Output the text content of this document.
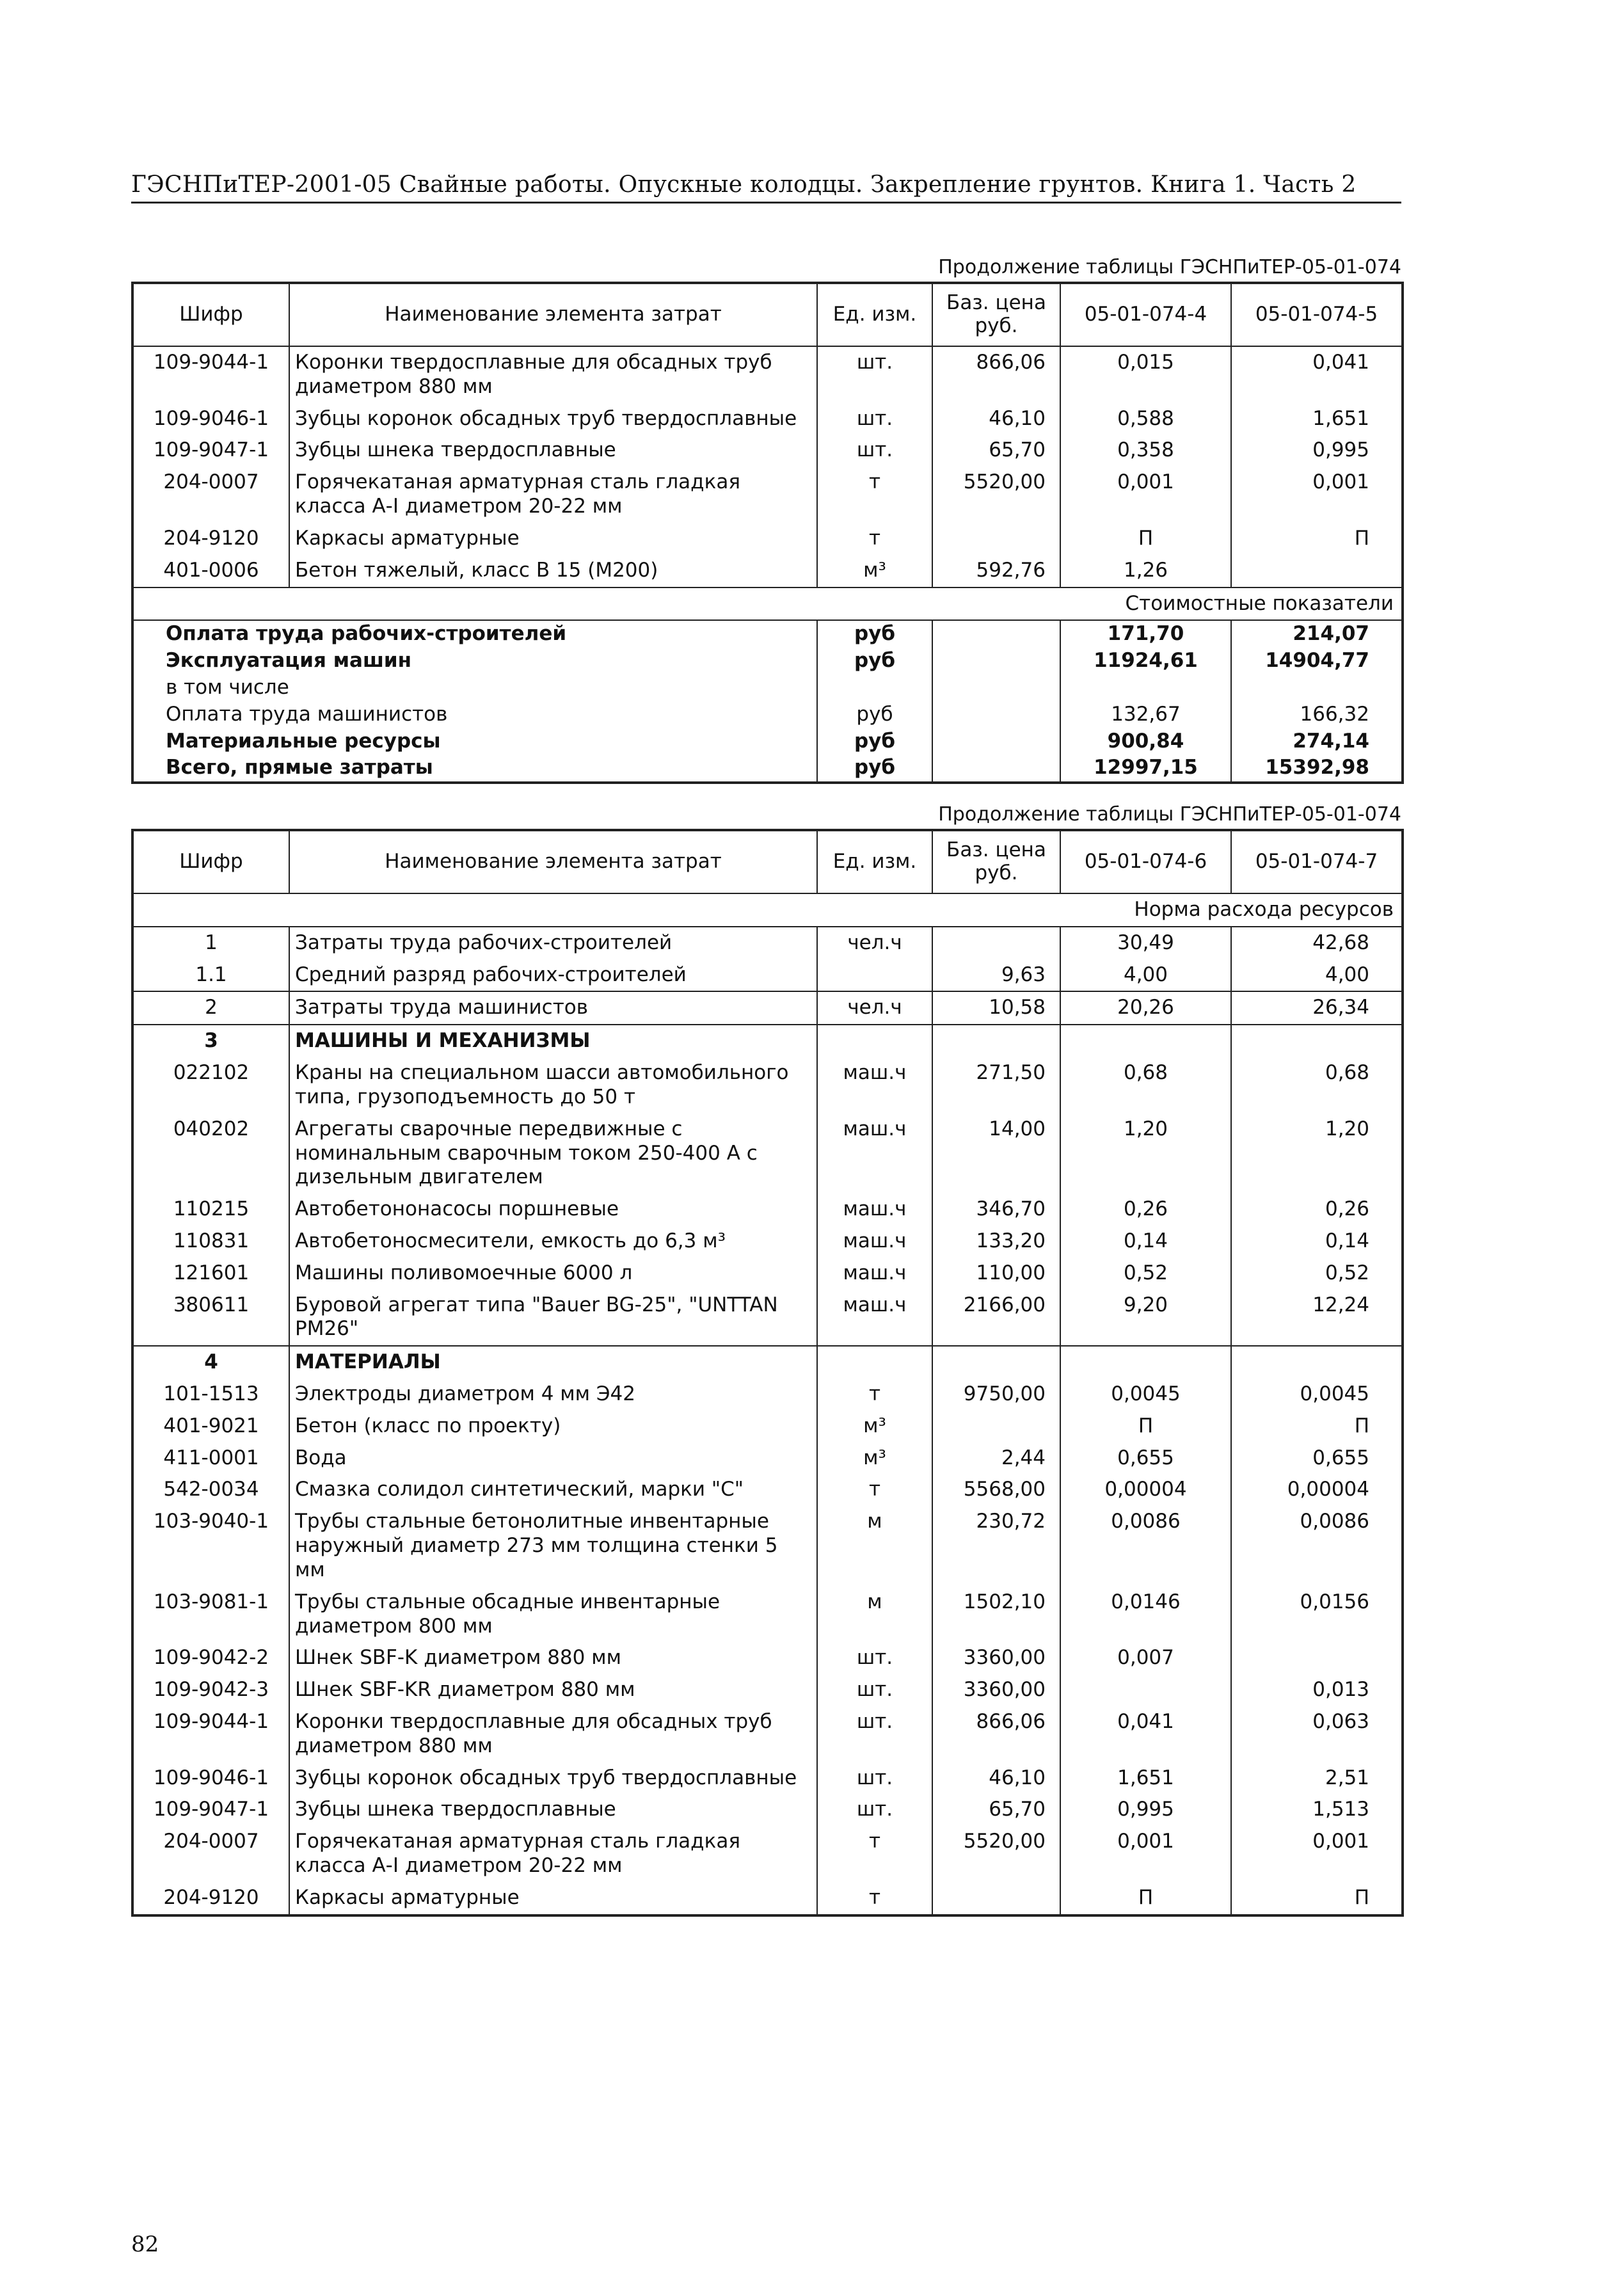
ГЭСНПиТЕР-2001-05 Свайные работы. Опускные колодцы. Закрепление грунтов. Книга 1. Часть 2
Продолжение таблицы ГЭСНПиТЕР-05-01-074
Шифр	Наименование элемента затрат	Ед. изм.	Баз. цена руб.	05-01-074-4	05-01-074-5
109-9044-1	Коронки твердосплавные для обсадных труб диаметром 880 мм	шт.	866,06	0,015	0,041
109-9046-1	Зубцы коронок обсадных труб твердосплавные	шт.	46,10	0,588	1,651
109-9047-1	Зубцы шнека твердосплавные	шт.	65,70	0,358	0,995
204-0007	Горячекатаная арматурная сталь гладкая класса А-I диаметром 20-22 мм	т	5520,00	0,001	0,001
204-9120	Каркасы арматурные	т		П	П
401-0006	Бетон тяжелый, класс В 15 (М200)	м³	592,76	1,26	
Стоимостные показатели					
Оплата труда рабочих-строителей		руб		171,70	214,07
Эксплуатация машин		руб		11924,61	14904,77
в том числе					
Оплата труда машинистов		руб		132,67	166,32
Материальные ресурсы		руб		900,84	274,14
Всего, прямые затраты		руб		12997,15	15392,98
Продолжение таблицы ГЭСНПиТЕР-05-01-074
Шифр	Наименование элемента затрат	Ед. изм.	Баз. цена руб.	05-01-074-6	05-01-074-7
Норма расхода ресурсов					
1	Затраты труда рабочих-строителей	чел.ч		30,49	42,68
1.1	Средний разряд рабочих-строителей		9,63	4,00	4,00
2	Затраты труда машинистов	чел.ч	10,58	20,26	26,34
3	МАШИНЫ И МЕХАНИЗМЫ				
022102	Краны на специальном шасси автомобильного типа, грузоподъемность до 50 т	маш.ч	271,50	0,68	0,68
040202	Агрегаты сварочные передвижные с номинальным сварочным током 250-400 А с дизельным двигателем	маш.ч	14,00	1,20	1,20
110215	Автобетононасосы поршневые	маш.ч	346,70	0,26	0,26
110831	Автобетоносмесители, емкость до 6,3 м³	маш.ч	133,20	0,14	0,14
121601	Машины поливомоечные 6000 л	маш.ч	110,00	0,52	0,52
380611	Буровой агрегат типа "Bauer BG-25", "UNTTAN PM26"	маш.ч	2166,00	9,20	12,24
4	МАТЕРИАЛЫ				
101-1513	Электроды диаметром 4 мм Э42	т	9750,00	0,0045	0,0045
401-9021	Бетон (класс по проекту)	м³		П	П
411-0001	Вода	м³	2,44	0,655	0,655
542-0034	Смазка солидол синтетический, марки "С"	т	5568,00	0,00004	0,00004
103-9040-1	Трубы стальные бетонолитные инвентарные наружный диаметр 273 мм толщина стенки 5 мм	м	230,72	0,0086	0,0086
103-9081-1	Трубы стальные обсадные инвентарные диаметром 800 мм	м	1502,10	0,0146	0,0156
109-9042-2	Шнек SBF-K диаметром 880 мм	шт.	3360,00	0,007	
109-9042-3	Шнек SBF-KR диаметром 880 мм	шт.	3360,00		0,013
109-9044-1	Коронки твердосплавные для обсадных труб диаметром 880 мм	шт.	866,06	0,041	0,063
109-9046-1	Зубцы коронок обсадных труб твердосплавные	шт.	46,10	1,651	2,51
109-9047-1	Зубцы шнека твердосплавные	шт.	65,70	0,995	1,513
204-0007	Горячекатаная арматурная сталь гладкая класса А-I диаметром 20-22 мм	т	5520,00	0,001	0,001
204-9120	Каркасы арматурные	т		П	П
82
